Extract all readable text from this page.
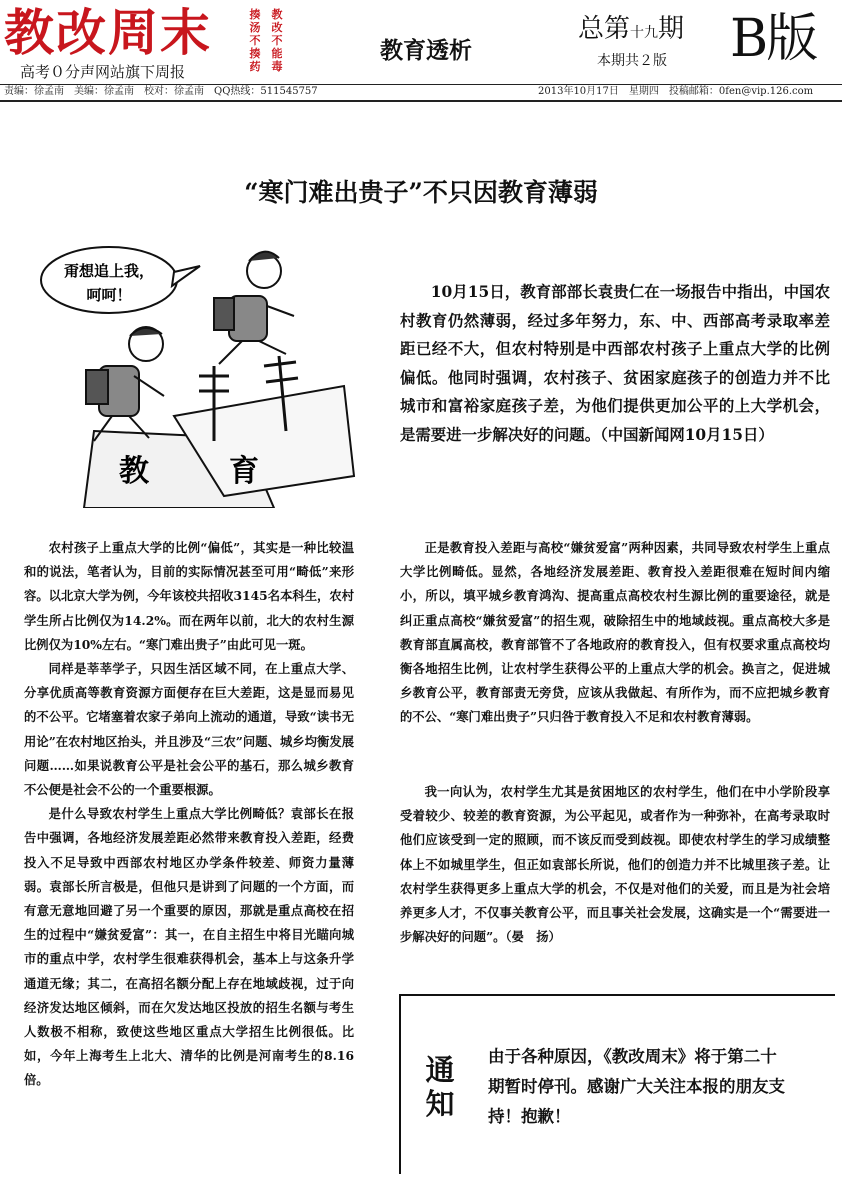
教改周末
高考０分声网站旗下周报
揍汤不揍药
教改不能毒
教育透析
总第十九期
本期共２版 B版
责编：徐孟南　美编：徐孟南　校对：徐孟南　QQ热线：511545757	2013年10月17日　星期四　投稿邮箱：0fen@vip.126.com
“寒门难出贵子”不只因教育薄弱
甭想追上我，
呵呵！
教	育
10月15日，教育部部长袁贵仁在一场报告中指出，中国农村教育仍然薄弱，经过多年努力，东、中、西部高考录取率差距已经不大，但农村特别是中西部农村孩子上重点大学的比例偏低。他同时强调，农村孩子、贫困家庭孩子的创造力并不比城市和富裕家庭孩子差，为他们提供更加公平的上大学机会，是需要进一步解决好的问题。（中国新闻网10月15日）

农村孩子上重点大学的比例“偏低”，其实是一种比较温和的说法，笔者认为，目前的实际情况甚至可用“畸低”来形容。以北京大学为例，今年该校共招收3145名本科生，农村学生所占比例仅为14.2%。而在两年以前，北大的农村生源比例仅为10%左右。“寒门难出贵子”由此可见一斑。

同样是莘莘学子，只因生活区域不同，在上重点大学、分享优质高等教育资源方面便存在巨大差距，这是显而易见的不公平。它堵塞着农家子弟向上流动的通道，导致“读书无用论”在农村地区抬头，并且涉及“三农”问题、城乡均衡发展问题……如果说教育公平是社会公平的基石，那么城乡教育不公便是社会不公的一个重要根源。

是什么导致农村学生上重点大学比例畸低？袁部长在报告中强调，各地经济发展差距必然带来教育投入差距，经费投入不足导致中西部农村地区办学条件较差、师资力量薄弱。袁部长所言极是，但他只是讲到了问题的一个方面，而有意无意地回避了另一个重要的原因，那就是重点高校在招生的过程中“嫌贫爱富”：其一，在自主招生中将目光瞄向城市的重点中学，农村学生很难获得机会，基本上与这条升学通道无缘；其二，在高招名额分配上存在地域歧视，过于向经济发达地区倾斜，而在欠发达地区投放的招生名额与考生人数极不相称，致使这些地区重点大学招生比例很低。比如，今年上海考生上北大、清华的比例是河南考生的8.16倍。

正是教育投入差距与高校“嫌贫爱富”两种因素，共同导致农村学生上重点大学比例畸低。显然，各地经济发展差距、教育投入差距很难在短时间内缩小，所以，填平城乡教育鸿沟、提高重点高校农村生源比例的重要途径，就是纠正重点高校“嫌贫爱富”的招生观，破除招生中的地域歧视。重点高校大多是教育部直属高校，教育部管不了各地政府的教育投入，但有权要求重点高校均衡各地招生比例，让农村学生获得公平的上重点大学的机会。换言之，促进城乡教育公平，教育部责无旁贷，应该从我做起、有所作为，而不应把城乡教育的不公、“寒门难出贵子”只归咎于教育投入不足和农村教育薄弱。

我一向认为，农村学生尤其是贫困地区的农村学生，他们在中小学阶段享受着较少、较差的教育资源，为公平起见，或者作为一种弥补，在高考录取时他们应该受到一定的照顾，而不该反而受到歧视。即使农村学生的学习成绩整体上不如城里学生，但正如袁部长所说，他们的创造力并不比城里孩子差。让农村学生获得更多上重点大学的机会，不仅是对他们的关爱，而且是为社会培养更多人才，不仅事关教育公平，而且事关社会发展，这确实是一个“需要进一步解决好的问题”。（晏　扬）

通
知
由于各种原因，《教改周末》将于第二十期暂时停刊。感谢广大关注本报的朋友支持！抱歉！
